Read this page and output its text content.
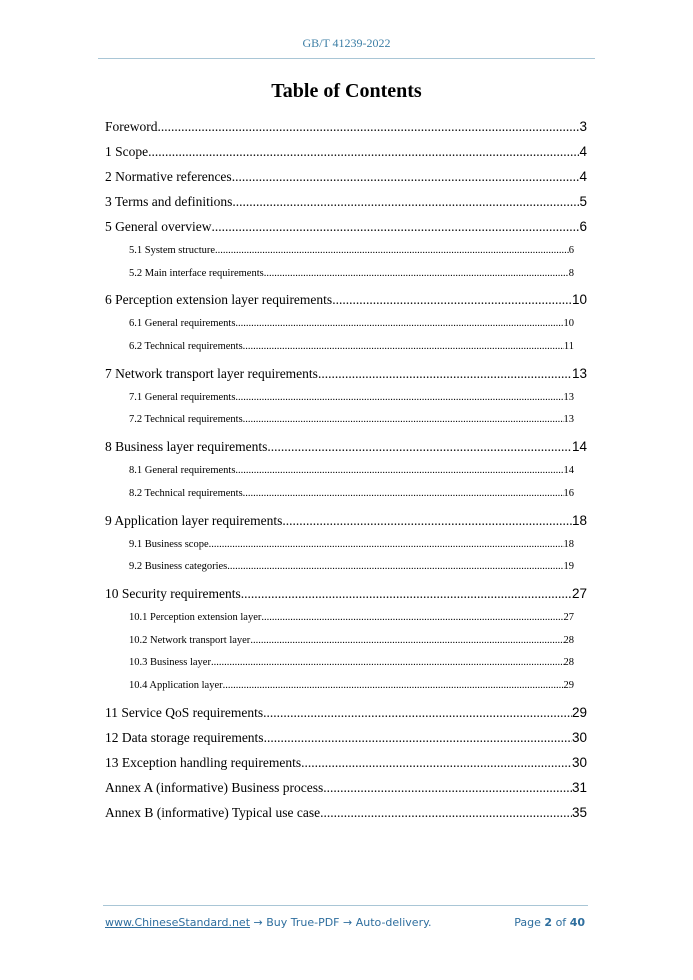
GB/T 41239-2022
Table of Contents
Foreword .....	3
1 Scope .....	4
2 Normative references .....	4
3 Terms and definitions .....	5
5 General overview .....	6
5.1 System structure .....	6
5.2 Main interface requirements .....	8
6 Perception extension layer requirements .....	10
6.1 General requirements .....	10
6.2 Technical requirements .....	11
7 Network transport layer requirements .....	13
7.1 General requirements .....	13
7.2 Technical requirements .....	13
8 Business layer requirements .....	14
8.1 General requirements .....	14
8.2 Technical requirements .....	16
9 Application layer requirements .....	18
9.1 Business scope .....	18
9.2 Business categories .....	19
10 Security requirements .....	27
10.1 Perception extension layer .....	27
10.2 Network transport layer .....	28
10.3 Business layer .....	28
10.4 Application layer .....	29
11 Service QoS requirements .....	29
12 Data storage requirements .....	30
13 Exception handling requirements .....	30
Annex A (informative) Business process .....	31
Annex B (informative) Typical use case .....	35
www.ChineseStandard.net → Buy True-PDF → Auto-delivery.	Page 2 of 40
